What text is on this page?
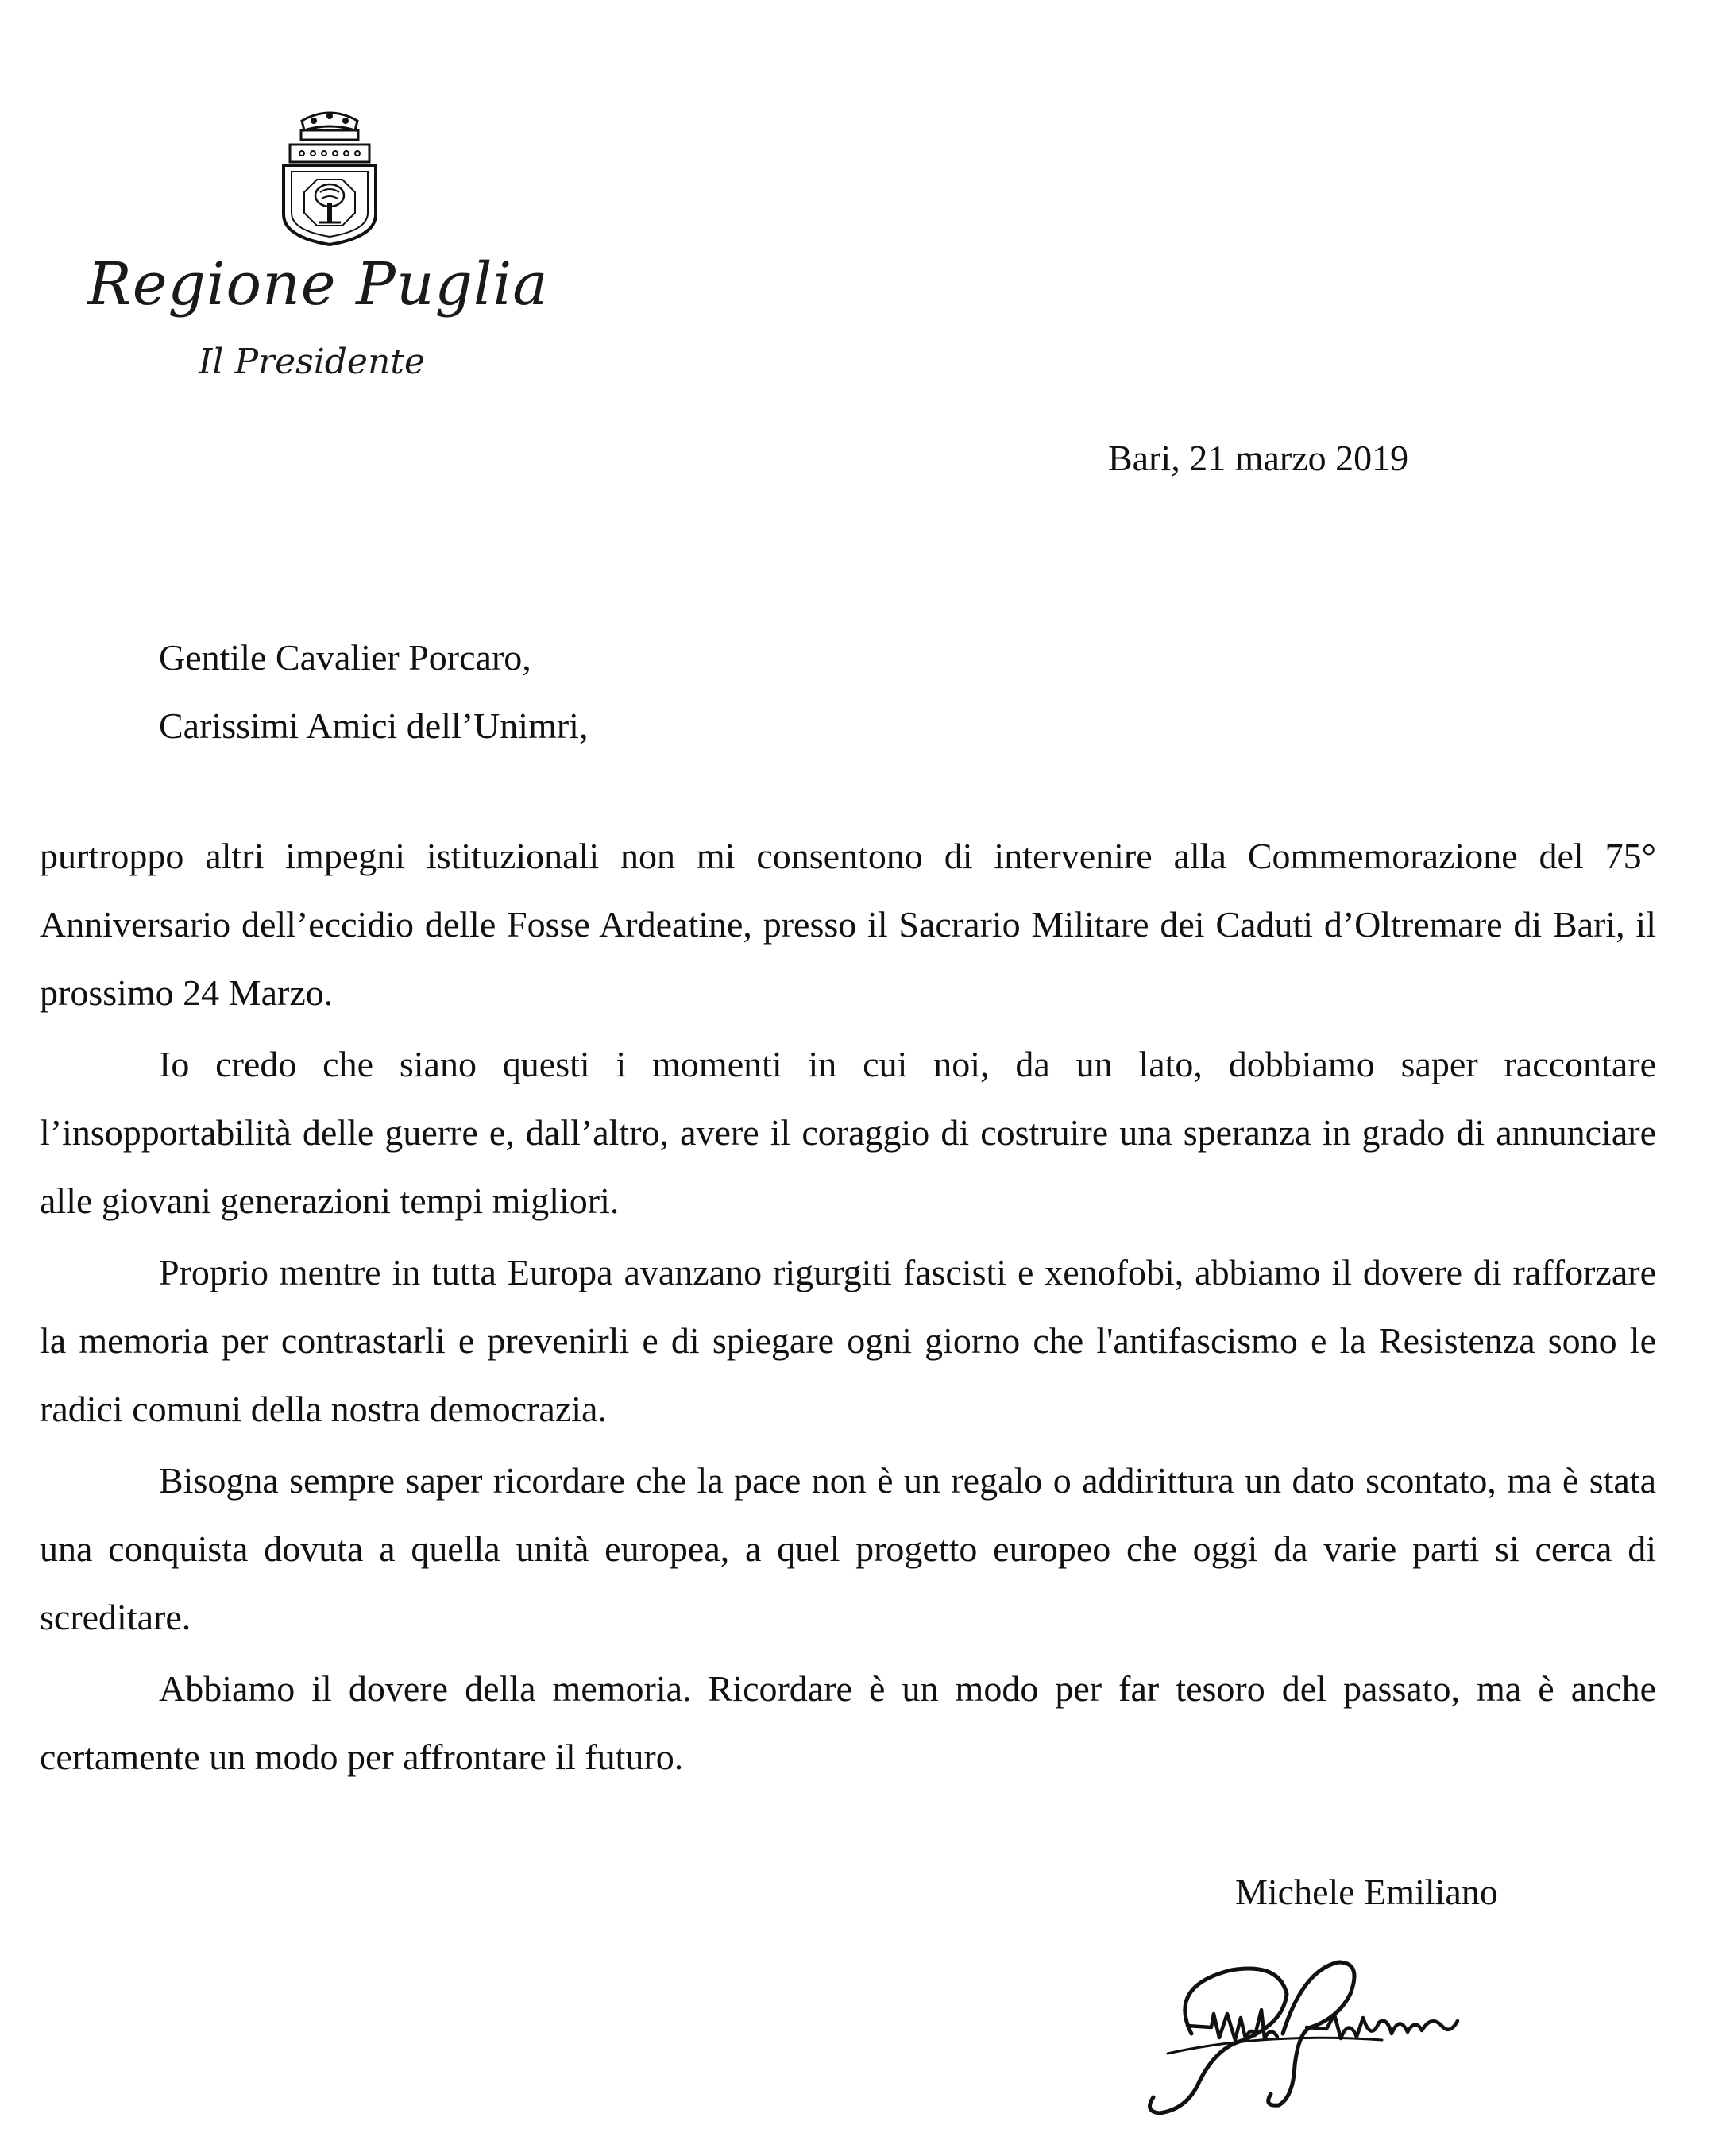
Regione Puglia
Il Presidente
Bari, 21 marzo 2019
Gentile Cavalier Porcaro,
Carissimi Amici dell’Unimri,

purtroppo altri impegni istituzionali non mi consentono di intervenire alla Commemorazione del 75° Anniversario dell’eccidio delle Fosse Ardeatine, presso il Sacrario Militare dei Caduti d’Oltremare di Bari, il prossimo 24 Marzo.

Io credo che siano questi i momenti in cui noi, da un lato, dobbiamo saper raccontare l’insopportabilità delle guerre e, dall’altro, avere il coraggio di costruire una speranza in grado di annunciare alle giovani generazioni tempi migliori.

Proprio mentre in tutta Europa avanzano rigurgiti fascisti e xenofobi, abbiamo il dovere di rafforzare la memoria per contrastarli e prevenirli e di spiegare ogni giorno che l'antifascismo e la Resistenza sono le radici comuni della nostra democrazia.

Bisogna sempre saper ricordare che la pace non è un regalo o addirittura un dato scontato, ma è stata una conquista dovuta a quella unità europea, a quel progetto europeo che oggi da varie parti si cerca di screditare.

Abbiamo il dovere della memoria. Ricordare è un modo per far tesoro del passato, ma è anche certamente un modo per affrontare il futuro.

Michele Emiliano
